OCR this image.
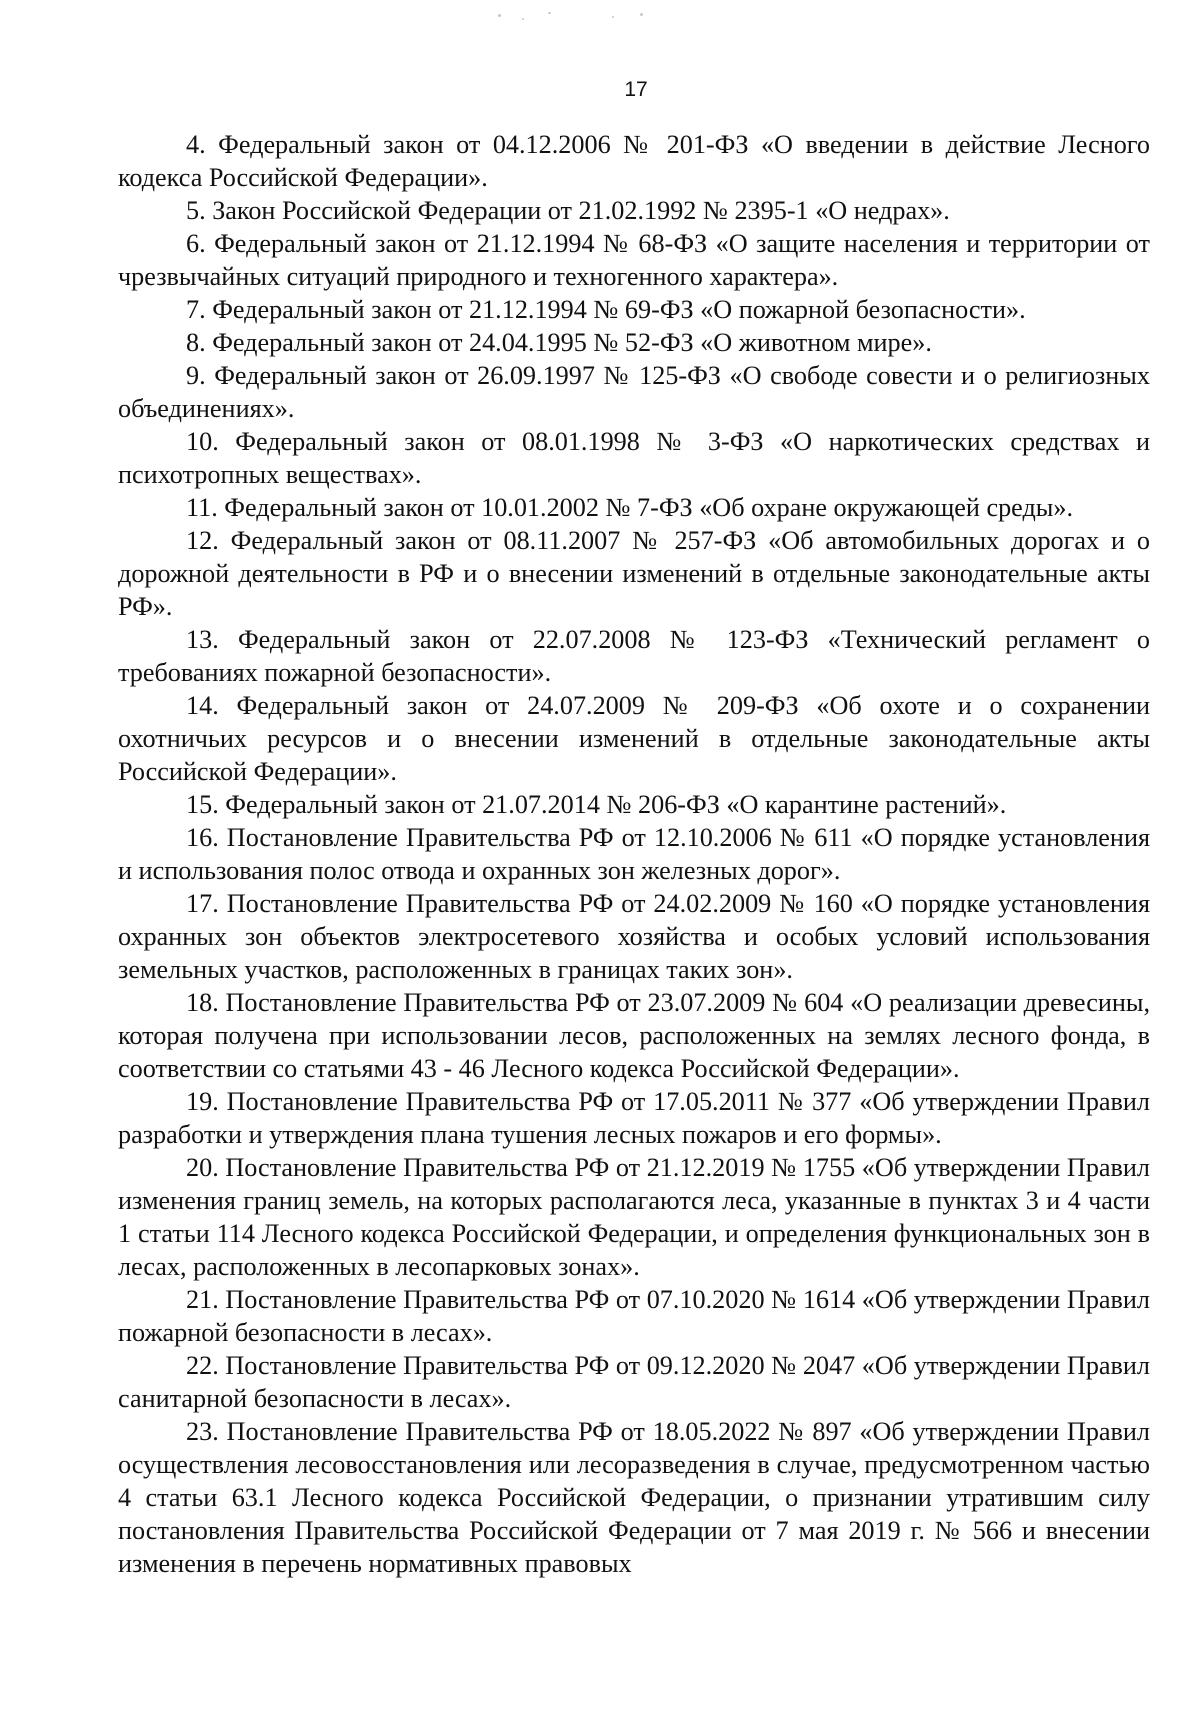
17

4. Федеральный закон от 04.12.2006 № 201-ФЗ «О введении в действие Лесного кодекса Российской Федерации».

5. Закон Российской Федерации от 21.02.1992 № 2395-1 «О недрах».

6. Федеральный закон от 21.12.1994 № 68-ФЗ «О защите населения и территории от чрезвычайных ситуаций природного и техногенного характера».

7. Федеральный закон от 21.12.1994 № 69-ФЗ «О пожарной безопасности».

8. Федеральный закон от 24.04.1995 № 52-ФЗ «О животном мире».

9. Федеральный закон от 26.09.1997 № 125-ФЗ «О свободе совести и о религиозных объединениях».

10. Федеральный закон от 08.01.1998 № 3-ФЗ «О наркотических средствах и психотропных веществах».

11. Федеральный закон от 10.01.2002 № 7-ФЗ «Об охране окружающей среды».

12. Федеральный закон от 08.11.2007 № 257-ФЗ «Об автомобильных дорогах и о дорожной деятельности в РФ и о внесении изменений в отдельные законодательные акты РФ».

13. Федеральный закон от 22.07.2008 № 123-ФЗ «Технический регламент о требованиях пожарной безопасности».

14. Федеральный закон от 24.07.2009 № 209-ФЗ «Об охоте и о сохранении охотничьих ресурсов и о внесении изменений в отдельные законодательные акты Российской Федерации».

15. Федеральный закон от 21.07.2014 № 206-ФЗ «О карантине растений».

16. Постановление Правительства РФ от 12.10.2006 № 611 «О порядке установления и использования полос отвода и охранных зон железных дорог».

17. Постановление Правительства РФ от 24.02.2009 № 160 «О порядке установления охранных зон объектов электросетевого хозяйства и особых условий использования земельных участков, расположенных в границах таких зон».

18. Постановление Правительства РФ от 23.07.2009 № 604 «О реализации древесины, которая получена при использовании лесов, расположенных на землях лесного фонда, в соответствии со статьями 43 - 46 Лесного кодекса Российской Федерации».

19. Постановление Правительства РФ от 17.05.2011 № 377 «Об утверждении Правил разработки и утверждения плана тушения лесных пожаров и его формы».

20. Постановление Правительства РФ от 21.12.2019 № 1755 «Об утверждении Правил изменения границ земель, на которых располагаются леса, указанные в пунктах 3 и 4 части 1 статьи 114 Лесного кодекса Российской Федерации, и определения функциональных зон в лесах, расположенных в лесопарковых зонах».

21. Постановление Правительства РФ от 07.10.2020 № 1614 «Об утверждении Правил пожарной безопасности в лесах».

22. Постановление Правительства РФ от 09.12.2020 № 2047 «Об утверждении Правил санитарной безопасности в лесах».

23. Постановление Правительства РФ от 18.05.2022 № 897 «Об утверждении Правил осуществления лесовосстановления или лесоразведения в случае, предусмотренном частью 4 статьи 63.1 Лесного кодекса Российской Федерации, о признании утратившим силу постановления Правительства Российской Федерации от 7 мая 2019 г. № 566 и внесении изменения в перечень нормативных правовых
